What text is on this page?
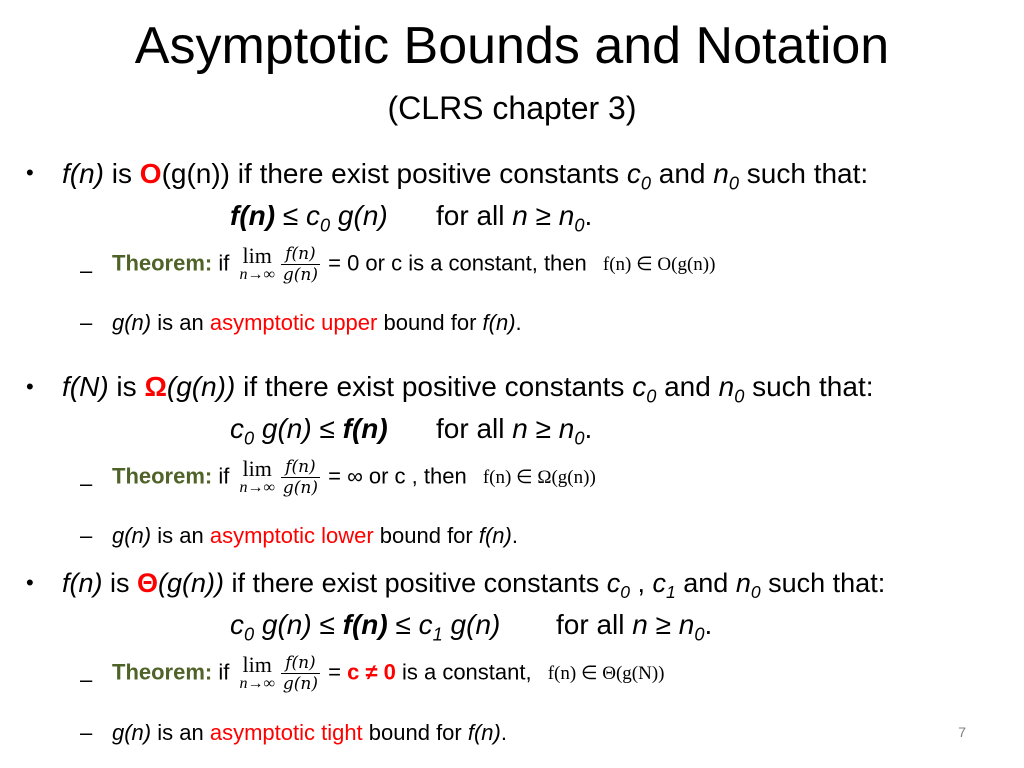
Asymptotic Bounds and Notation
(CLRS chapter 3)
• f(n) is O(g(n)) if there exist positive constants $c_0$ and $n_0$ such that:
$f(n) \le c_0$ g(n) for all $n \ge n_0$.
– Theorem: if lim
$n\to\infty \frac{f(n)}{g(n)} = 0$ or c is a constant, then f(n) ∈ O(g(n))
– g(n) is an asymptotic upper bound for f(n).
• f(N) is Ω(g(n)) if there exist positive constants $c_0$ and $n_0$ such that:
$c_0$ g(n) ≤ f(n) for all $n \ge n_0$.
– Theorem: if lim
$n\to\infty \frac{f(n)}{g(n)}$ = ∞ or c , then f(n) ∈ Ω(g(n))
– g(n) is an asymptotic lower bound for f(n).
• f(n) is Θ(g(n)) if there exist positive constants $c_0$ , $c_1$ and $n_0$ such that:
$c_0$ $g(n) \le f(n) \le c_1$ g(n) for all $n \ge n_0$.
– Theorem: if lim
$n\to\infty \frac{f(n)}{g(n)} = c \ne 0$ is a constant, f(n) ∈ Θ(g(N))
– g(n) is an asymptotic tight bound for f(n).	7
